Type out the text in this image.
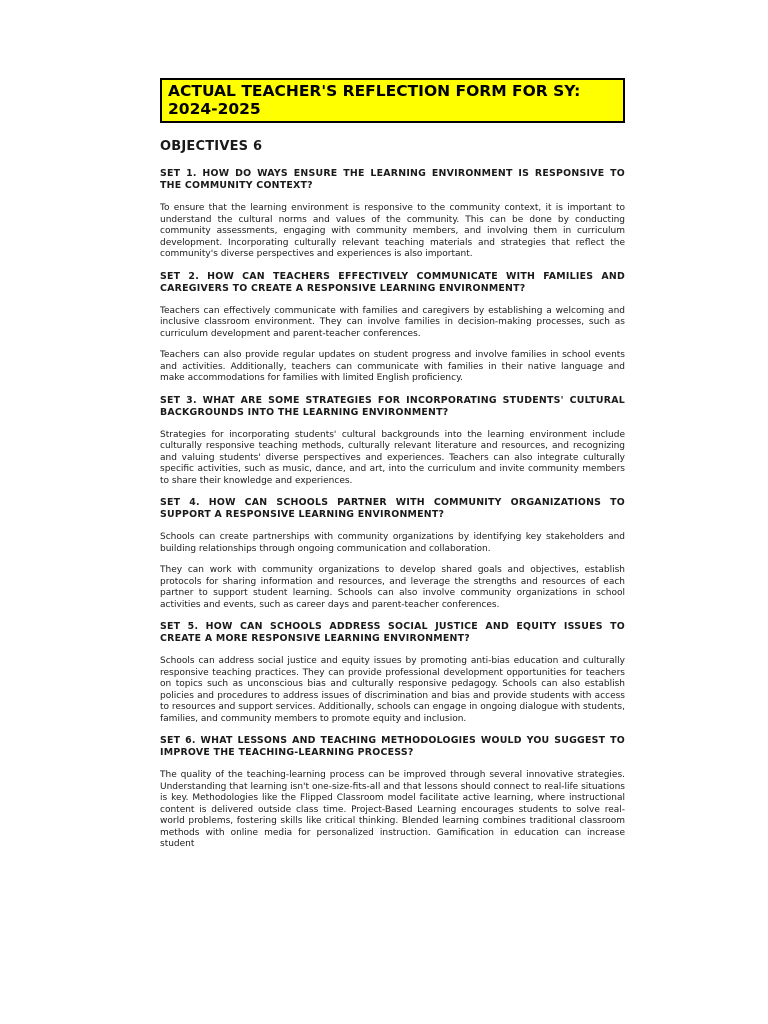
ACTUAL TEACHER'S REFLECTION FORM FOR SY: 2024-2025
OBJECTIVES 6
SET 1. HOW DO WAYS ENSURE THE LEARNING ENVIRONMENT IS RESPONSIVE TO THE COMMUNITY CONTEXT?

To ensure that the learning environment is responsive to the community context, it is important to understand the cultural norms and values of the community. This can be done by conducting community assessments, engaging with community members, and involving them in curriculum development. Incorporating culturally relevant teaching materials and strategies that reflect the community's diverse perspectives and experiences is also important.

SET 2. HOW CAN TEACHERS EFFECTIVELY COMMUNICATE WITH FAMILIES AND CAREGIVERS TO CREATE A RESPONSIVE LEARNING ENVIRONMENT?

Teachers can effectively communicate with families and caregivers by establishing a welcoming and inclusive classroom environment. They can involve families in decision-making processes, such as curriculum development and parent-teacher conferences.

Teachers can also provide regular updates on student progress and involve families in school events and activities. Additionally, teachers can communicate with families in their native language and make accommodations for families with limited English proficiency.

SET 3. WHAT ARE SOME STRATEGIES FOR INCORPORATING STUDENTS' CULTURAL BACKGROUNDS INTO THE LEARNING ENVIRONMENT?

Strategies for incorporating students' cultural backgrounds into the learning environment include culturally responsive teaching methods, culturally relevant literature and resources, and recognizing and valuing students' diverse perspectives and experiences. Teachers can also integrate culturally specific activities, such as music, dance, and art, into the curriculum and invite community members to share their knowledge and experiences.

SET 4. HOW CAN SCHOOLS PARTNER WITH COMMUNITY ORGANIZATIONS TO SUPPORT A RESPONSIVE LEARNING ENVIRONMENT?

Schools can create partnerships with community organizations by identifying key stakeholders and building relationships through ongoing communication and collaboration.

They can work with community organizations to develop shared goals and objectives, establish protocols for sharing information and resources, and leverage the strengths and resources of each partner to support student learning. Schools can also involve community organizations in school activities and events, such as career days and parent-teacher conferences.

SET 5. HOW CAN SCHOOLS ADDRESS SOCIAL JUSTICE AND EQUITY ISSUES TO CREATE A MORE RESPONSIVE LEARNING ENVIRONMENT?

Schools can address social justice and equity issues by promoting anti-bias education and culturally responsive teaching practices. They can provide professional development opportunities for teachers on topics such as unconscious bias and culturally responsive pedagogy. Schools can also establish policies and procedures to address issues of discrimination and bias and provide students with access to resources and support services. Additionally, schools can engage in ongoing dialogue with students, families, and community members to promote equity and inclusion.

SET 6. WHAT LESSONS AND TEACHING METHODOLOGIES WOULD YOU SUGGEST TO IMPROVE THE TEACHING-LEARNING PROCESS?

The quality of the teaching-learning process can be improved through several innovative strategies. Understanding that learning isn't one-size-fits-all and that lessons should connect to real-life situations is key. Methodologies like the Flipped Classroom model facilitate active learning, where instructional content is delivered outside class time. Project-Based Learning encourages students to solve real-world problems, fostering skills like critical thinking. Blended learning combines traditional classroom methods with online media for personalized instruction. Gamification in education can increase student
